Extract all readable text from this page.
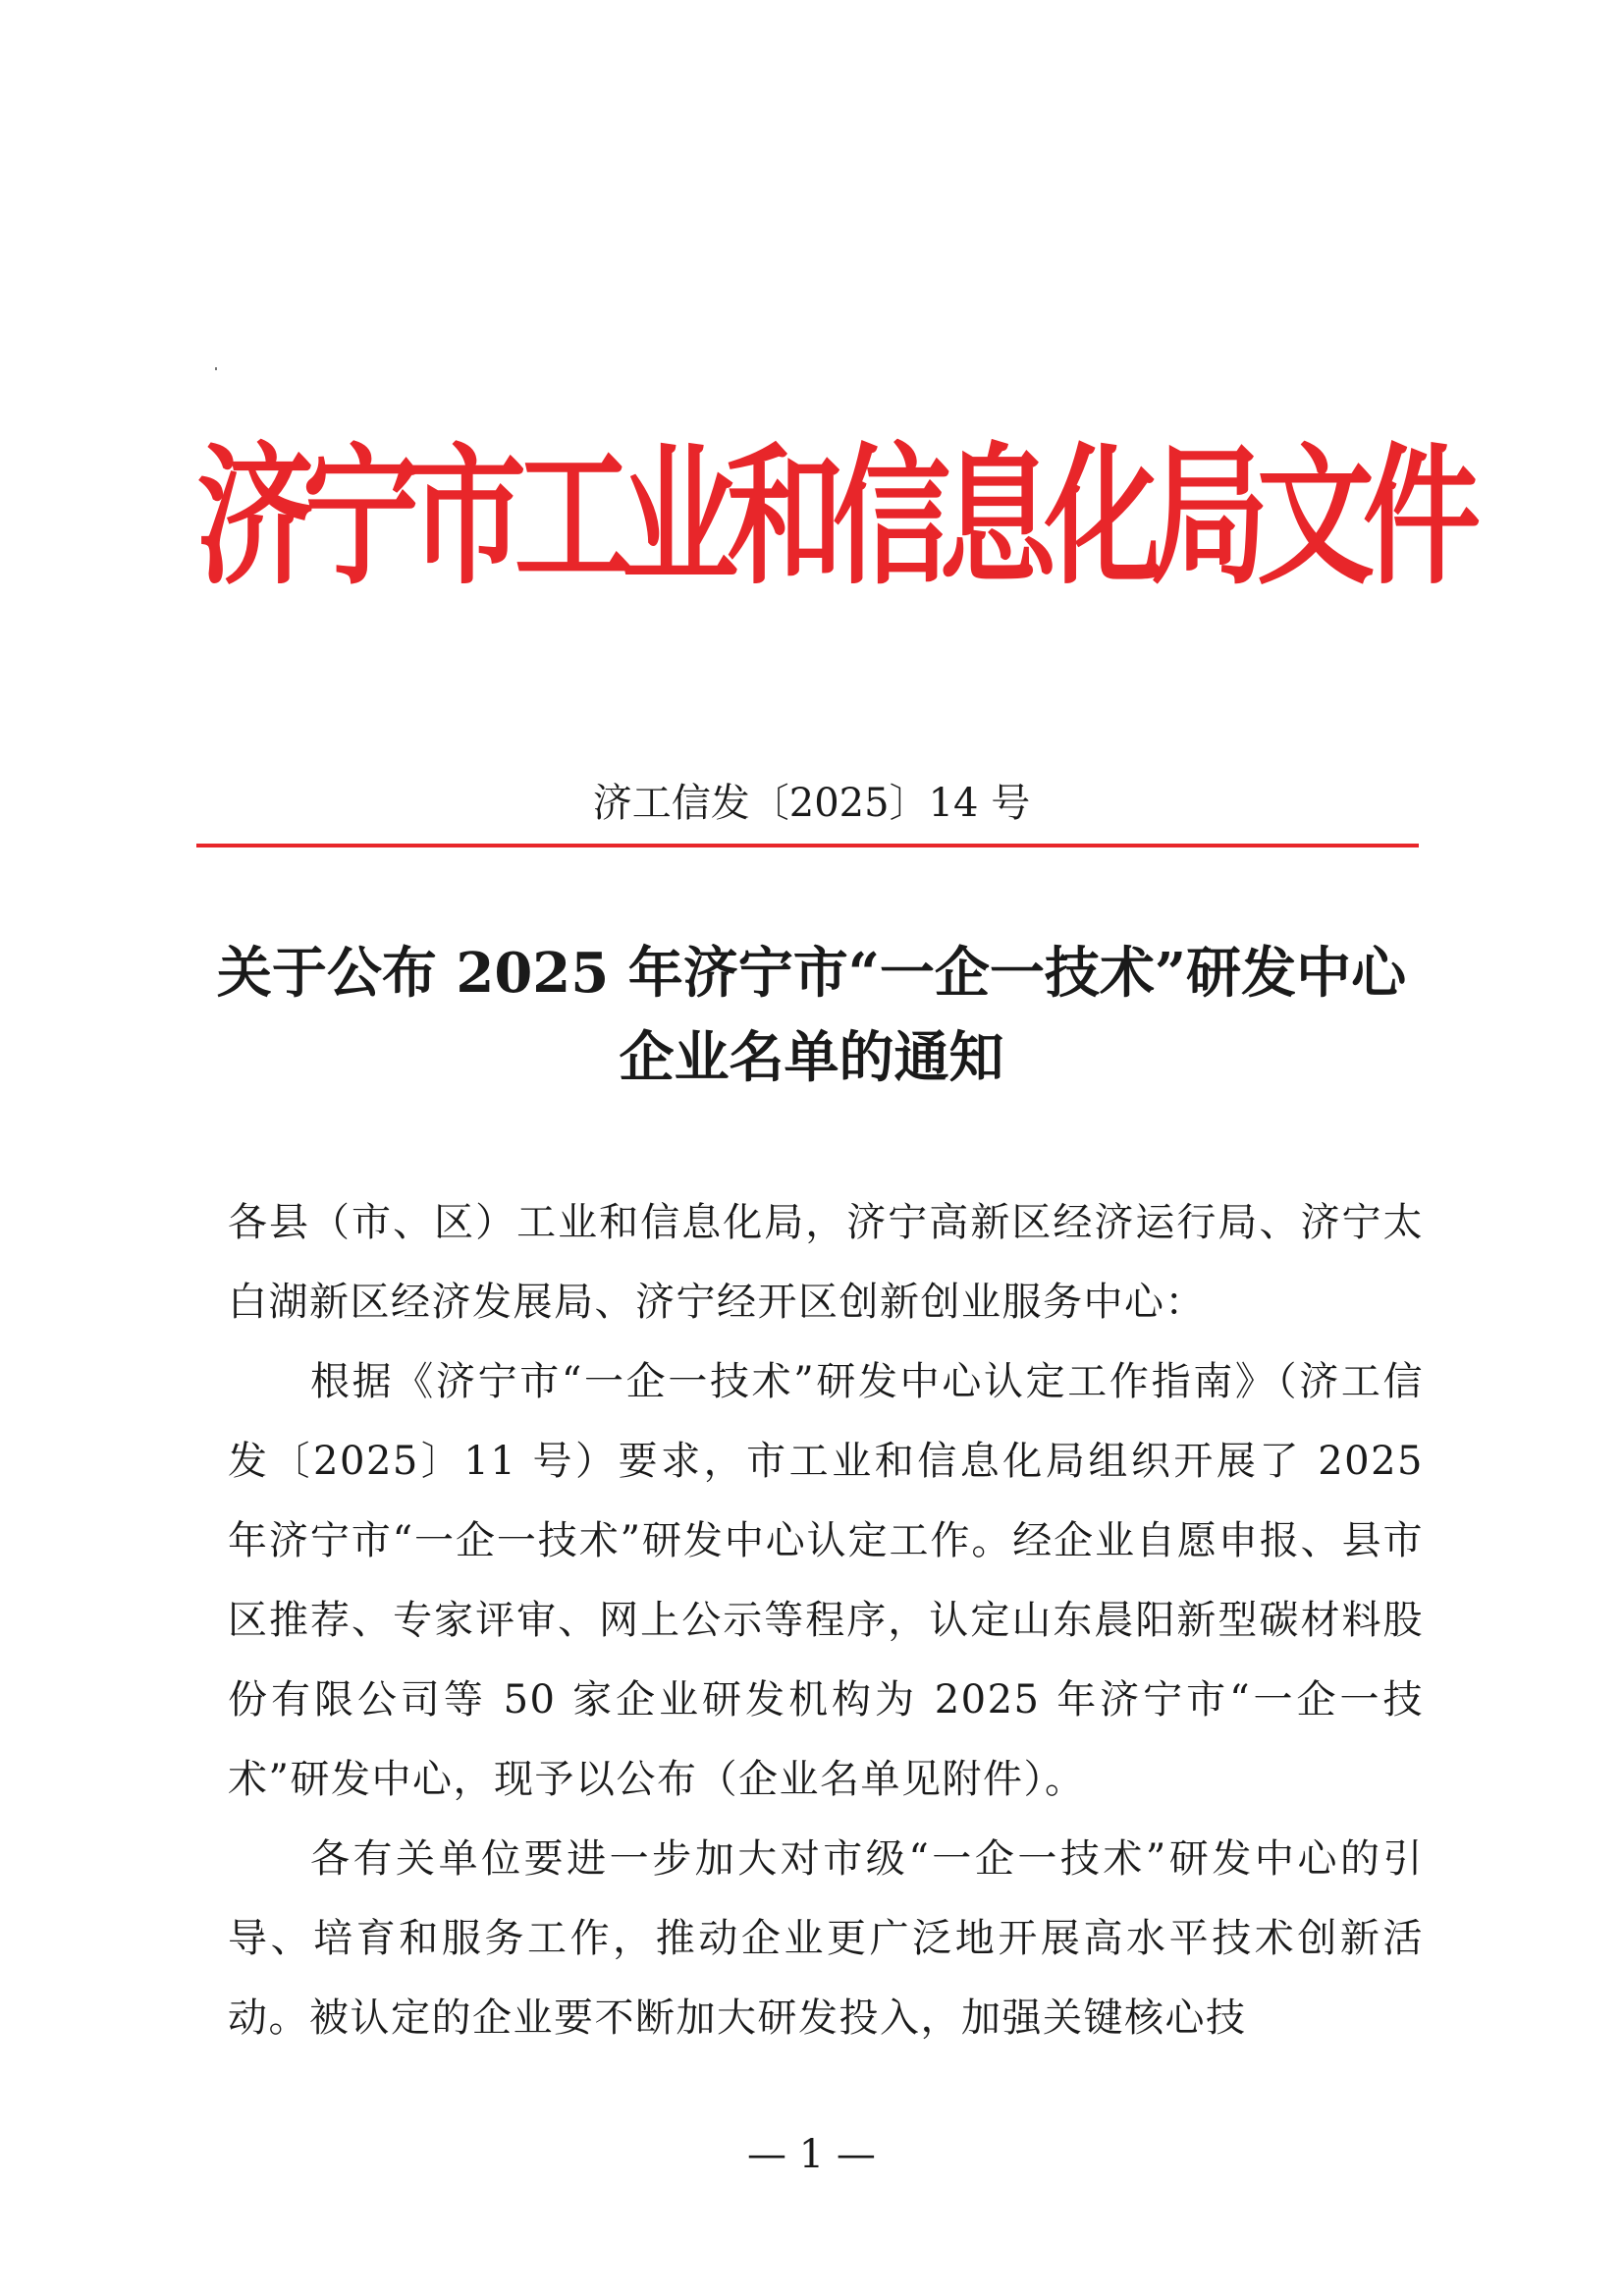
济宁市工业和信息化局文件
济工信发〔2025〕14 号
关于公布 2025 年济宁市“一企一技术”研发中心
企业名单的通知

各县（市、区）工业和信息化局，济宁高新区经济运行局、济宁太白湖新区经济发展局、济宁经开区创新创业服务中心：

根据《济宁市“一企一技术”研发中心认定工作指南》（济工信发〔2025〕11 号）要求，市工业和信息化局组织开展了 2025 年济宁市“一企一技术”研发中心认定工作。经企业自愿申报、县市区推荐、专家评审、网上公示等程序，认定山东晨阳新型碳材料股份有限公司等 50 家企业研发机构为 2025 年济宁市“一企一技术”研发中心，现予以公布（企业名单见附件）。

各有关单位要进一步加大对市级“一企一技术”研发中心的引导、培育和服务工作，推动企业更广泛地开展高水平技术创新活动。被认定的企业要不断加大研发投入，加强关键核心技

— 1 —
